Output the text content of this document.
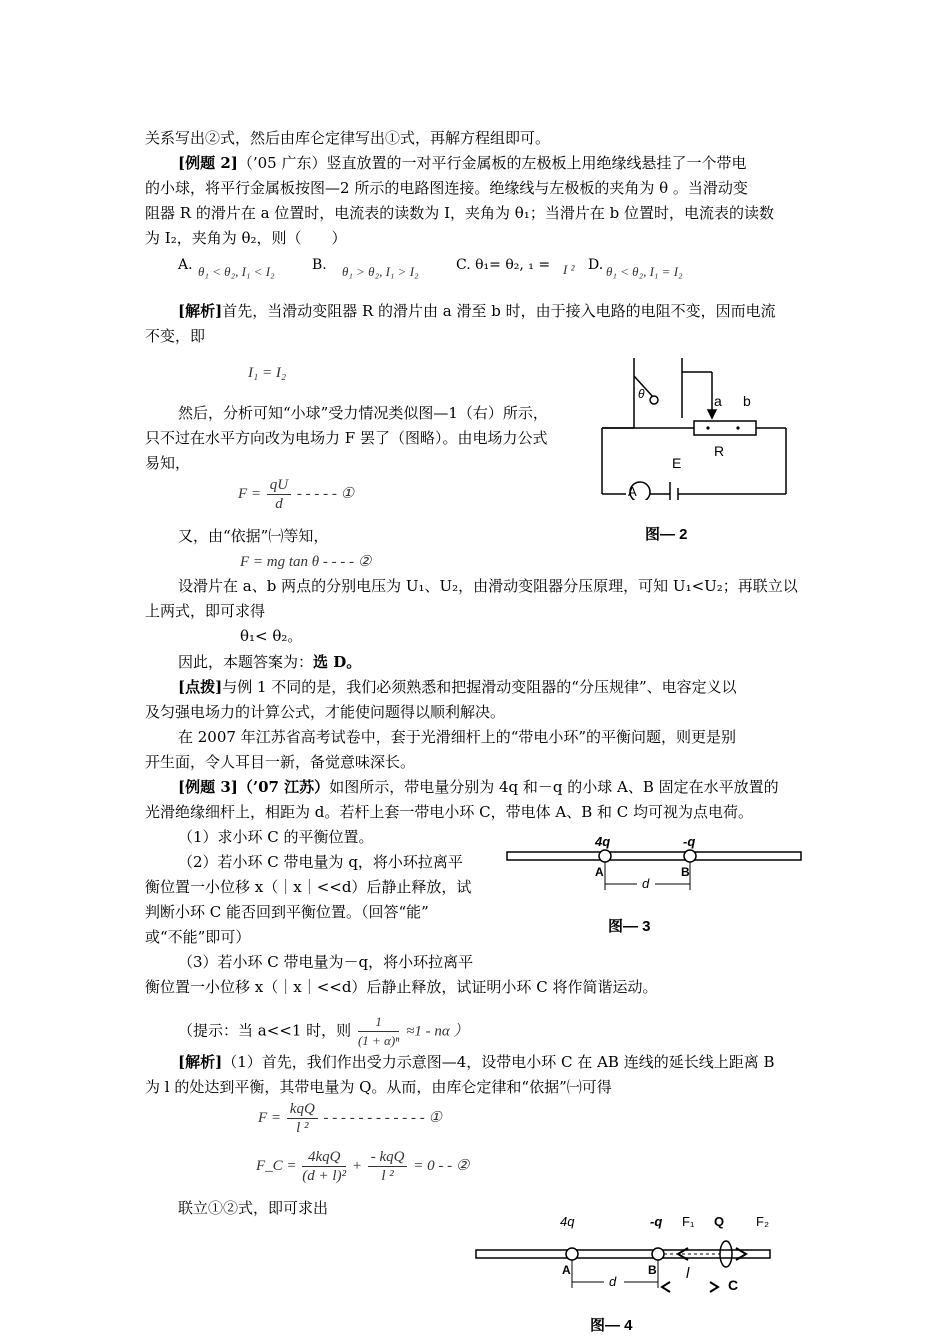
关系写出②式，然后由库仑定律写出①式，再解方程组即可。
[例题 2]（’05 广东）竖直放置的一对平行金属板的左极板上用绝缘线悬挂了一个带电
的小球，将平行金属板按图—2 所示的电路图连接。绝缘线与左极板的夹角为 θ 。当滑动变
阻器 R 的滑片在 a 位置时，电流表的读数为 I，夹角为 θ₁；当滑片在 b 位置时，电流表的读数
为 I₂，夹角为 θ₂，则（　　）
A. θ₁ < θ₂, I₁ < I₂	B. θ₁ > θ₂, I₁ > I₂	C. θ₁= θ₂, ₁ = I ² D. θ₁ < θ₂, I₁ = I₂
[解析]首先，当滑动变阻器 R 的滑片由 a 滑至 b 时，由于接入电路的电阻不变，因而电流
不变，即
I₁ = I₂
然后，分析可知“小球”受力情况类似图—1（右）所示，
只不过在水平方向改为电场力 F 罢了（图略）。由电场力公式
易知，
$F = \frac{qU}{d}$ - - - - - ①
又，由“依据”㈠等知，
F = mg tan θ - - - - ②
设滑片在 a、b 两点的分别电压为 U₁、U₂，由滑动变阻器分压原理，可知 U₁<U₂；再联立以
上两式，即可求得
θ₁< θ₂。
因此，本题答案为：选 D。
[点拨]与例 1 不同的是，我们必须熟悉和把握滑动变阻器的“分压规律”、电容定义以
及匀强电场力的计算公式，才能使问题得以顺利解决。
在 2007 年江苏省高考试卷中，套于光滑细杆上的“带电小环”的平衡问题，则更是别
开生面，令人耳目一新，备觉意味深长。
[例题 3]（’07 江苏）如图所示，带电量分别为 4q 和－q 的小球 A、B 固定在水平放置的
光滑绝缘细杆上，相距为 d。若杆上套一带电小环 C，带电体 A、B 和 C 均可视为点电荷。
（1）求小环 C 的平衡位置。
（2）若小环 C 带电量为 q，将小环拉离平
衡位置一小位移 x（｜x｜<<d）后静止释放，试
判断小环 C 能否回到平衡位置。（回答“能”
或“不能”即可）
（3）若小环 C 带电量为－q，将小环拉离平
衡位置一小位移 x（｜x｜<<d）后静止释放，试证明小环 C 将作简谐运动。
（提示：当 a<<1 时，则 $\frac{1}{\text{(1 + α)ⁿ}} \approx 1 - n\alpha$ ）
[解析]（1）首先，我们作出受力示意图—4，设带电小环 C 在 AB 连线的延长线上距离 B
为 l 的处达到平衡，其带电量为 Q。从而，由库仑定律和“依据”㈠可得
$F = \frac{\text{kqQ}}{\text{l ²}}$ - - - - - - - - - - - - ①
F_C = $\frac{\text{4kqQ}}{\text{(d + l)²}} + \frac{\text{- kqQ}}{\text{l ²}} = 0$ - - ②
联立①②式，即可求出
θ	a b
R
E
A
图— 2
4q	-q
A	B
d
图— 3
4q	-q F₁ Q F₂
A	B
d	l
C
图— 4
